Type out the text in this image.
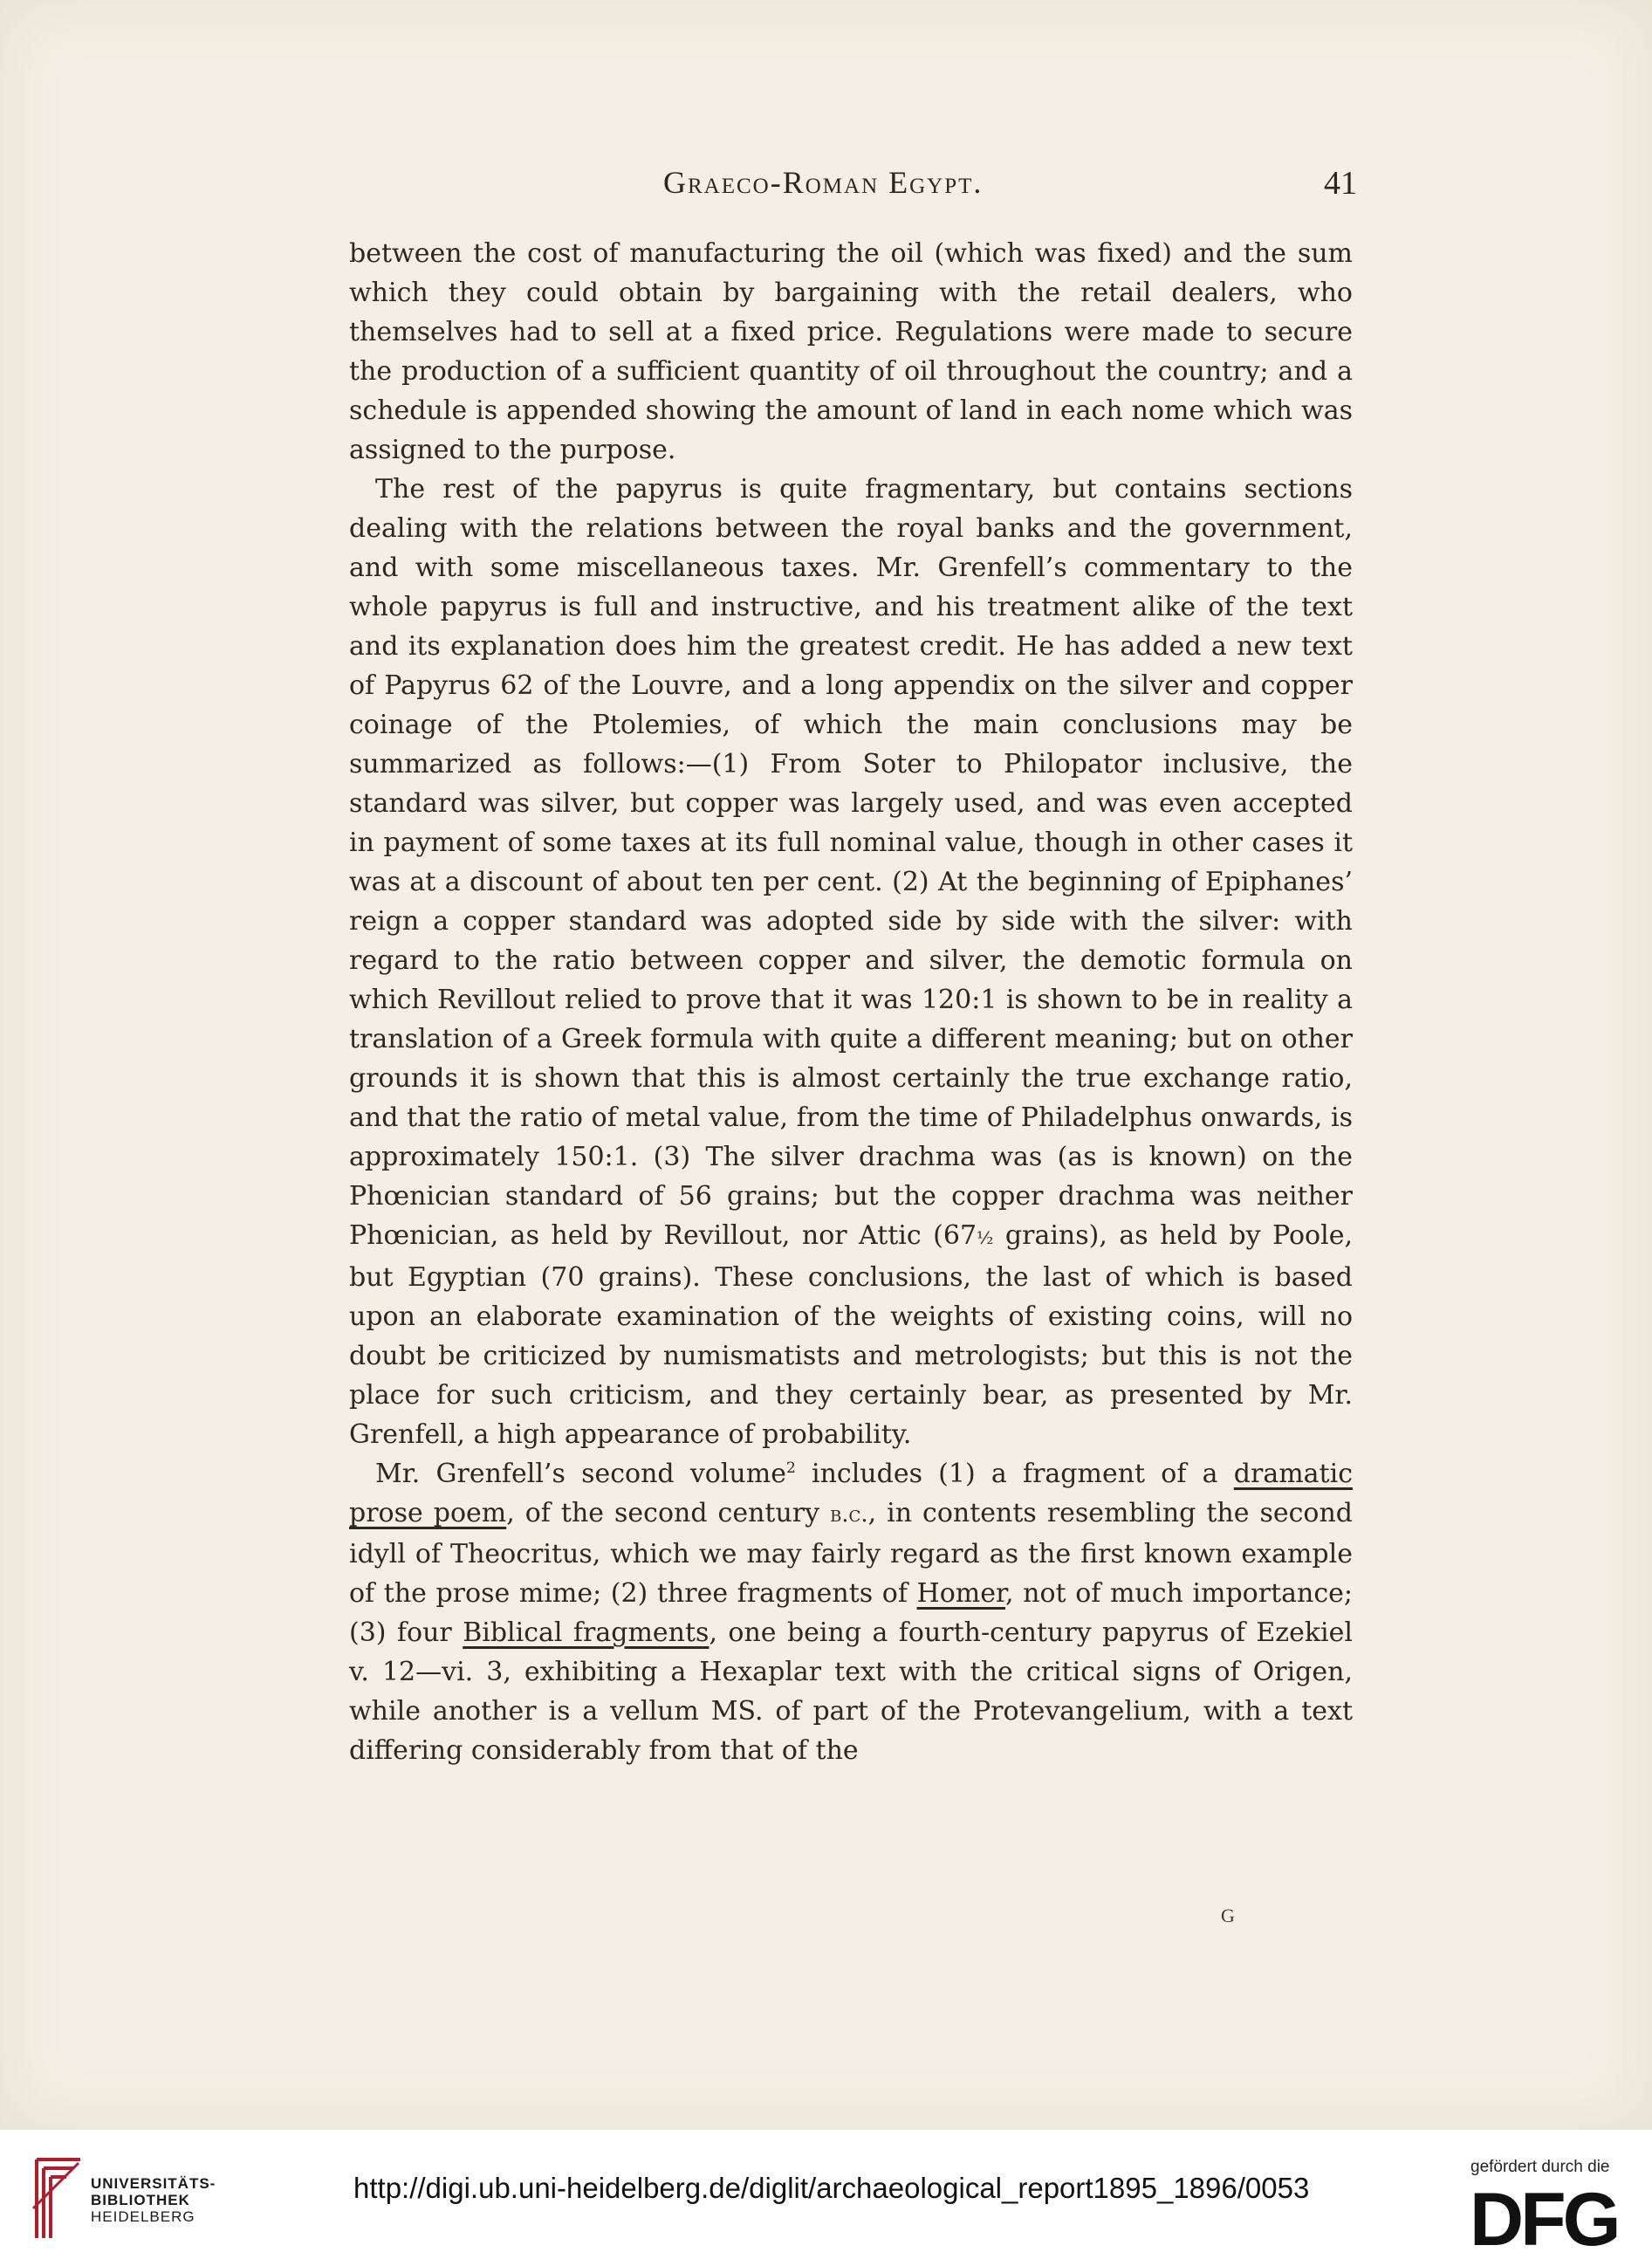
Graeco-Roman Egypt.	41

between the cost of manufacturing the oil (which was fixed) and the sum which they could obtain by bargaining with the retail dealers, who themselves had to sell at a fixed price. Regulations were made to secure the production of a sufficient quantity of oil throughout the country; and a schedule is appended showing the amount of land in each nome which was assigned to the purpose.

The rest of the papyrus is quite fragmentary, but contains sections dealing with the relations between the royal banks and the government, and with some miscellaneous taxes. Mr. Grenfell’s commentary to the whole papyrus is full and instructive, and his treatment alike of the text and its explanation does him the greatest credit. He has added a new text of Papyrus 62 of the Louvre, and a long appendix on the silver and copper coinage of the Ptolemies, of which the main conclusions may be summarized as follows:—(1) From Soter to Philopator inclusive, the standard was silver, but copper was largely used, and was even accepted in payment of some taxes at its full nominal value, though in other cases it was at a discount of about ten per cent. (2) At the beginning of Epiphanes’ reign a copper standard was adopted side by side with the silver: with regard to the ratio between copper and silver, the demotic formula on which Revillout relied to prove that it was 120:1 is shown to be in reality a translation of a Greek formula with quite a different meaning; but on other grounds it is shown that this is almost certainly the true exchange ratio, and that the ratio of metal value, from the time of Philadelphus onwards, is approximately 150:1. (3) The silver drachma was (as is known) on the Phœnician standard of 56 grains; but the copper drachma was neither Phœnician, as held by Revillout, nor Attic (67½ grains), as held by Poole, but Egyptian (70 grains). These conclusions, the last of which is based upon an elaborate examination of the weights of existing coins, will no doubt be criticized by numismatists and metrologists; but this is not the place for such criticism, and they certainly bear, as presented by Mr. Grenfell, a high appearance of probability.

Mr. Grenfell’s second volume$^2$ includes (1) a fragment of a dramatic prose poem, of the second century b.c., in contents resembling the second idyll of Theocritus, which we may fairly regard as the first known example of the prose mime; (2) three fragments of Homer, not of much importance; (3) four Biblical fragments, one being a fourth-century papyrus of Ezekiel v. 12—vi. 3, exhibiting a Hexaplar text with the critical signs of Origen, while another is a vellum MS. of part of the Protevangelium, with a text differing considerably from that of the

G
UNIVERSITÄTS-
BIBLIOTHEK
HEIDELBERG
http://digi.ub.uni-heidelberg.de/diglit/archaeological_report1895_1896/0053
gefördert durch die
DFG
